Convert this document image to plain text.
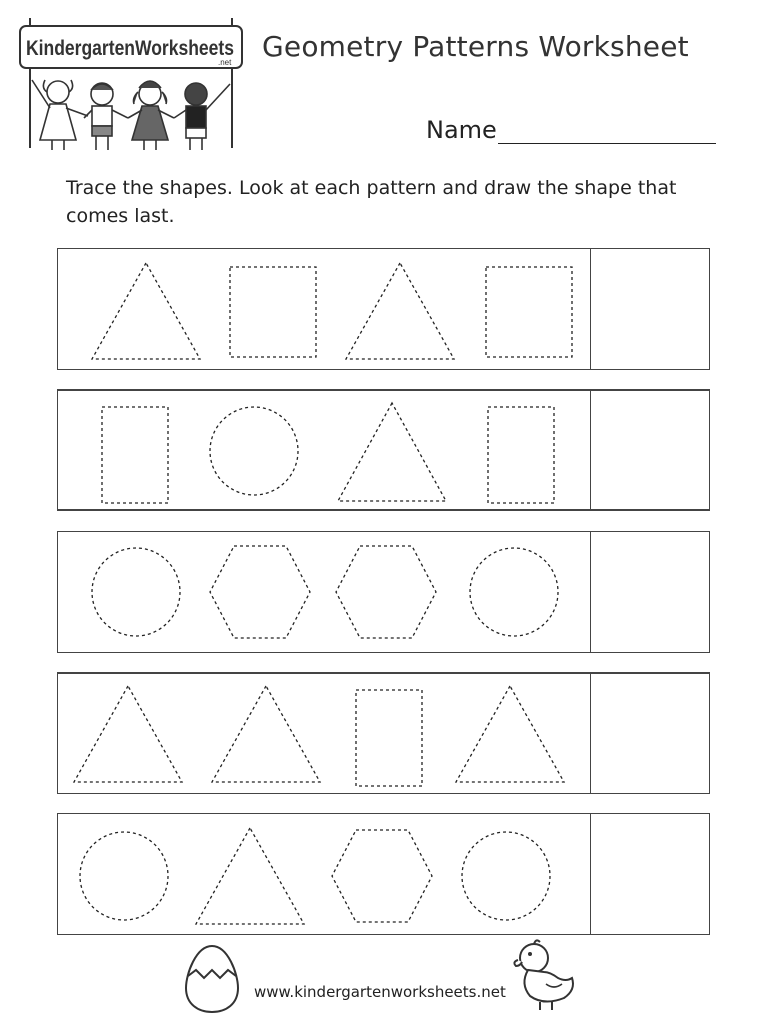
KindergartenWorksheets
.net Geometry Patterns Worksheet
Name
Trace the shapes. Look at each pattern and draw the shape that comes last.
www.kindergartenworksheets.net
